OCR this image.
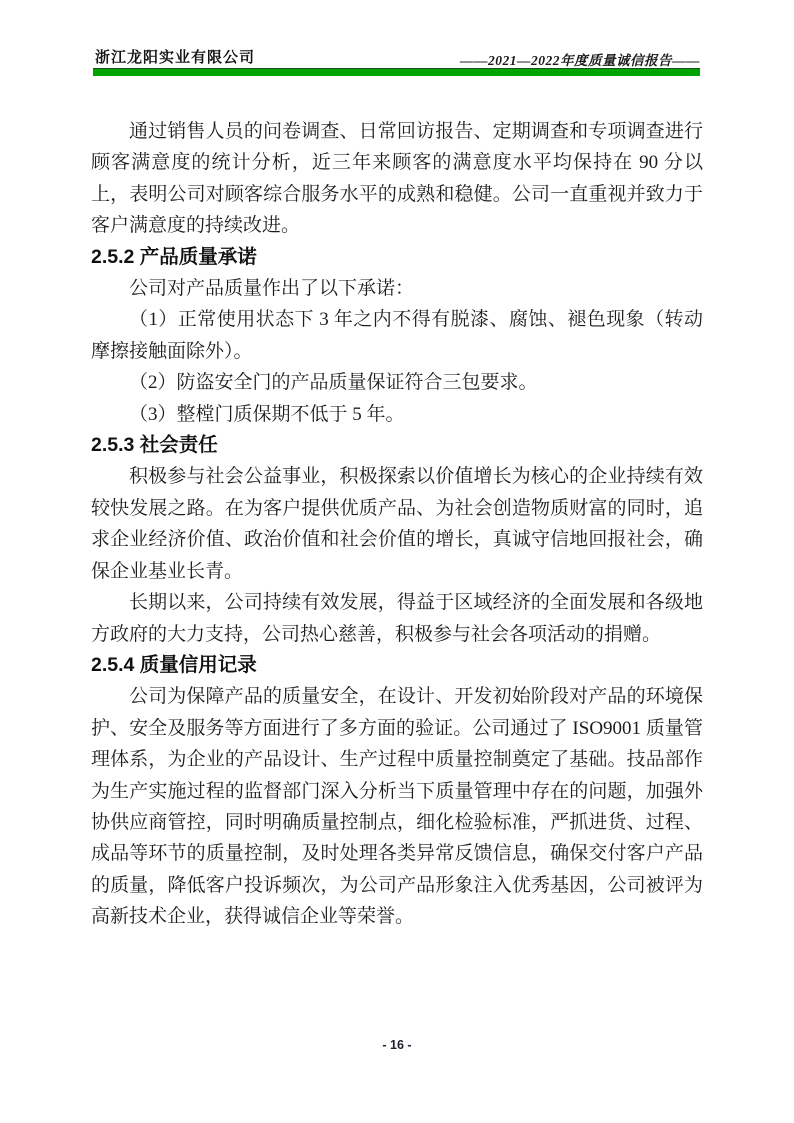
浙江龙阳实业有限公司	——2021—2022年度质量诚信报告——

通过销售人员的问卷调查、日常回访报告、定期调查和专项调查进行顾客满意度的统计分析，近三年来顾客的满意度水平均保持在 90 分以上，表明公司对顾客综合服务水平的成熟和稳健。公司一直重视并致力于客户满意度的持续改进。

2.5.2 产品质量承诺

公司对产品质量作出了以下承诺：

（1）正常使用状态下 3 年之内不得有脱漆、腐蚀、褪色现象（转动摩擦接触面除外）。

（2）防盗安全门的产品质量保证符合三包要求。

（3）整樘门质保期不低于 5 年。

2.5.3 社会责任

积极参与社会公益事业，积极探索以价值增长为核心的企业持续有效较快发展之路。在为客户提供优质产品、为社会创造物质财富的同时，追求企业经济价值、政治价值和社会价值的增长，真诚守信地回报社会，确保企业基业长青。

长期以来，公司持续有效发展，得益于区域经济的全面发展和各级地方政府的大力支持，公司热心慈善，积极参与社会各项活动的捐赠。

2.5.4 质量信用记录

公司为保障产品的质量安全，在设计、开发初始阶段对产品的环境保护、安全及服务等方面进行了多方面的验证。公司通过了 ISO9001 质量管理体系，为企业的产品设计、生产过程中质量控制奠定了基础。技品部作为生产实施过程的监督部门深入分析当下质量管理中存在的问题，加强外协供应商管控，同时明确质量控制点，细化检验标准，严抓进货、过程、成品等环节的质量控制，及时处理各类异常反馈信息，确保交付客户产品的质量，降低客户投诉频次，为公司产品形象注入优秀基因，公司被评为高新技术企业，获得诚信企业等荣誉。

- 16 -
